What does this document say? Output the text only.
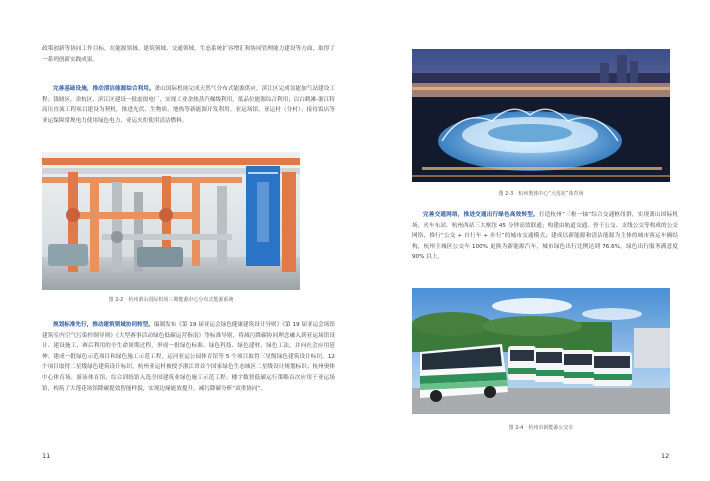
政策创新等协同工作目标，在能源领域、建筑领域、交通领域、生态系统扩容增汇和协同管理能力建设等方面，取得了一系列创新实践成果。
完善基础设施，推动清洁能源综合利用。萧山国际机场完成天然气分布式能源供应，滨江区完成氢能加气站建设工程；钱塘区、余杭区、滨江区建设一批虚拟电厂，实现工业余热蒸汽梯级利用，低品位能源综合利用；以白鹤滩-浙江特高压直流工程项目建设为契机，推进光伏、生物质、地热等新能源开发利用。亚运场馆、亚运村（分村）、接待饭店等亚运保障常规电力使用绿色电力，亚运火炬使用清洁燃料。
图 2-2　杭州萧山国际机场三期能源中心分布式能源系统
规划标准先行，推动建筑领域协同转型。编制发布《第 19 届亚运会绿色健康建筑设计导则》《第 19 届亚运会场馆建筑室内空气污染控制导则》《大型赛事活动绿色低碳运营指南》等标准导则，将减污降碳协同理念融入到亚运场馆设计、建设施工、赛后利用的全生命周期过程，形成一批绿色标准、绿色科技、绿色建材、绿色工法，并向社会应用延伸；建成一批绿色示范项目和绿色施工示范工程，运河亚运公园体育馆等 5 个项目取得三星级绿色建筑设计标识，12 个项目取得二星级绿色建筑设计标识，杭州亚运村被授予浙江省首个国家绿色生态城区二星级设计规划标识；杭州奥体中心体育场、游泳体育馆、综合训练馆入选全国建筑业绿色施工示范工程；楼宇数智低碳运行策略首次应用于亚运场馆，构筑了大莲花场馆降碳提效智能样貌，实现边缘能效提升，减污降碳分析“双重协同”。
11
图 2-3　杭州奥体中心“大莲花”体育场
完善交通网络，推进交通出行绿色高效转型。打造杭州“三枢一轴”综合交通枢纽群，实现萧山国际机场、火车东站、杭州西站三大枢纽 45 分钟高效联通；构建由轨道交通、骨干公交、支线公交等构成的公交网络，推行“公交 + 自行车 + 步行”的城市交通模式；建成以新能源和清洁能源为主体的城市客运车辆结构，杭州主城区公交车 100% 更换为新能源汽车，城市绿色出行比例达到 76.6%，绿色出行服务满意度 90% 以上。
图 2-4　杭州市新能源公交车
12
